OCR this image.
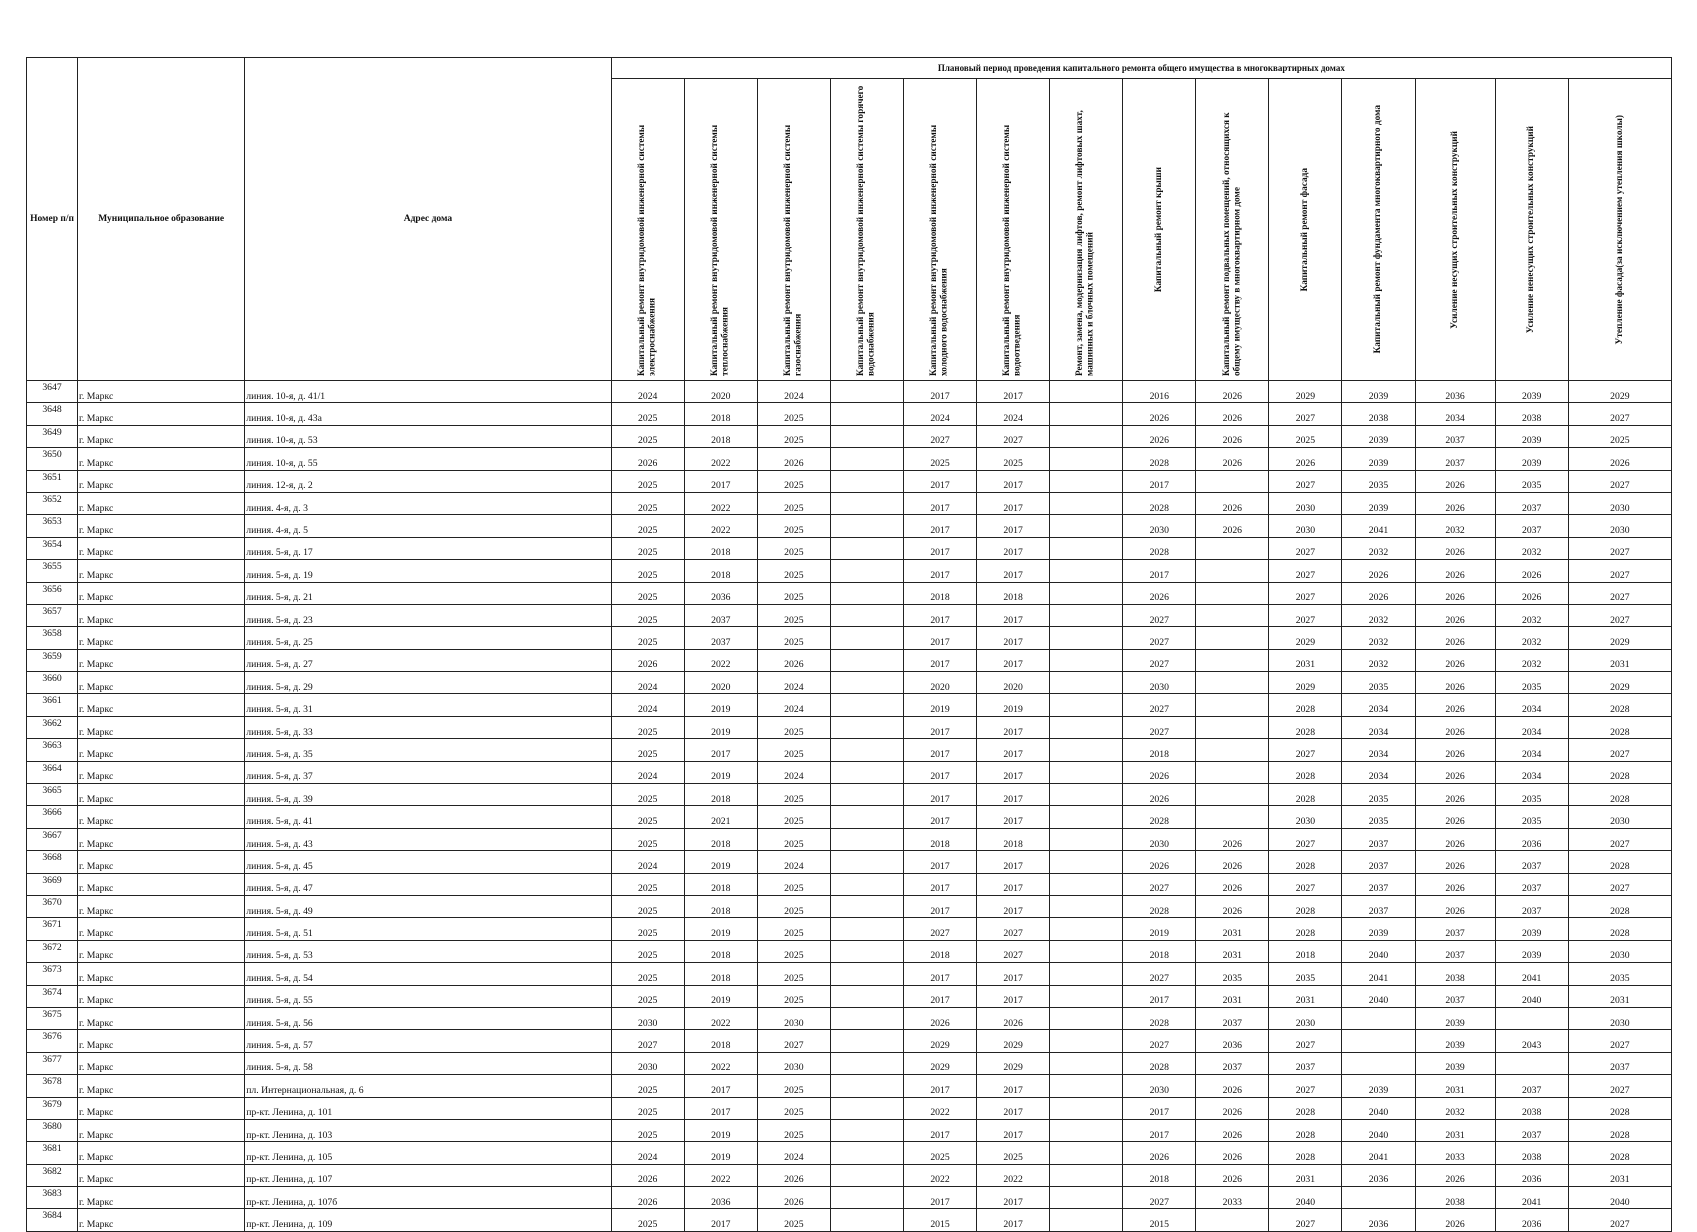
Номер п/п	Муниципальное образование	Адрес дома	Плановый период проведения капитального ремонта общего имущества в многоквартирных домах													

			Капитальный ремонт внутридомовой инженерной системы электроснабжения	Капитальный ремонт внутридомовой инженерной системы теплоснабжения	Капитальный ремонт внутридомовой инженерной системы газоснабжения	Капитальный ремонт внутридомовой инженерной системы горячего водоснабжения	Капитальный ремонт внутридомовой инженерной системы холодного водоснабжения	Капитальный ремонт внутридомовой инженерной системы водоотведения	Ремонт, замена, модернизация лифтов, ремонт лифтовых шахт, машинных и блочных помещений	Капитальный ремонт крыши	Капитальный ремонт подвальных помещений, относящихся к общему имуществу в многоквартирном доме	Капитальный ремонт фасада	Капитальный ремонт фундамента многоквартирного дома	Усиление несущих строительных конструкций	Усиление ненесущих строительных конструкций	Утепление фасада(за исключением утепления школы)

3647	г. Маркс	линия. 10-я, д. 41/1	2024	2020	2024		2017	2017		2016	2026	2029	2039	2036	2039	2029
3648	г. Маркс	линия. 10-я, д. 43а	2025	2018	2025		2024	2024		2026	2026	2027	2038	2034	2038	2027
3649	г. Маркс	линия. 10-я, д. 53	2025	2018	2025		2027	2027		2026	2026	2025	2039	2037	2039	2025
3650	г. Маркс	линия. 10-я, д. 55	2026	2022	2026		2025	2025		2028	2026	2026	2039	2037	2039	2026
3651	г. Маркс	линия. 12-я, д. 2	2025	2017	2025		2017	2017		2017		2027	2035	2026	2035	2027
3652	г. Маркс	линия. 4-я, д. 3	2025	2022	2025		2017	2017		2028	2026	2030	2039	2026	2037	2030
3653	г. Маркс	линия. 4-я, д. 5	2025	2022	2025		2017	2017		2030	2026	2030	2041	2032	2037	2030
3654	г. Маркс	линия. 5-я, д. 17	2025	2018	2025		2017	2017		2028		2027	2032	2026	2032	2027
3655	г. Маркс	линия. 5-я, д. 19	2025	2018	2025		2017	2017		2017		2027	2026	2026	2026	2027
3656	г. Маркс	линия. 5-я, д. 21	2025	2036	2025		2018	2018		2026		2027	2026	2026	2026	2027
3657	г. Маркс	линия. 5-я, д. 23	2025	2037	2025		2017	2017		2027		2027	2032	2026	2032	2027
3658	г. Маркс	линия. 5-я, д. 25	2025	2037	2025		2017	2017		2027		2029	2032	2026	2032	2029
3659	г. Маркс	линия. 5-я, д. 27	2026	2022	2026		2017	2017		2027		2031	2032	2026	2032	2031
3660	г. Маркс	линия. 5-я, д. 29	2024	2020	2024		2020	2020		2030		2029	2035	2026	2035	2029
3661	г. Маркс	линия. 5-я, д. 31	2024	2019	2024		2019	2019		2027		2028	2034	2026	2034	2028
3662	г. Маркс	линия. 5-я, д. 33	2025	2019	2025		2017	2017		2027		2028	2034	2026	2034	2028
3663	г. Маркс	линия. 5-я, д. 35	2025	2017	2025		2017	2017		2018		2027	2034	2026	2034	2027
3664	г. Маркс	линия. 5-я, д. 37	2024	2019	2024		2017	2017		2026		2028	2034	2026	2034	2028
3665	г. Маркс	линия. 5-я, д. 39	2025	2018	2025		2017	2017		2026		2028	2035	2026	2035	2028
3666	г. Маркс	линия. 5-я, д. 41	2025	2021	2025		2017	2017		2028		2030	2035	2026	2035	2030
3667	г. Маркс	линия. 5-я, д. 43	2025	2018	2025		2018	2018		2030	2026	2027	2037	2026	2036	2027
3668	г. Маркс	линия. 5-я, д. 45	2024	2019	2024		2017	2017		2026	2026	2028	2037	2026	2037	2028
3669	г. Маркс	линия. 5-я, д. 47	2025	2018	2025		2017	2017		2027	2026	2027	2037	2026	2037	2027
3670	г. Маркс	линия. 5-я, д. 49	2025	2018	2025		2017	2017		2028	2026	2028	2037	2026	2037	2028
3671	г. Маркс	линия. 5-я, д. 51	2025	2019	2025		2027	2027		2019	2031	2028	2039	2037	2039	2028
3672	г. Маркс	линия. 5-я, д. 53	2025	2018	2025		2018	2027		2018	2031	2018	2040	2037	2039	2030
3673	г. Маркс	линия. 5-я, д. 54	2025	2018	2025		2017	2017		2027	2035	2035	2041	2038	2041	2035
3674	г. Маркс	линия. 5-я, д. 55	2025	2019	2025		2017	2017		2017	2031	2031	2040	2037	2040	2031
3675	г. Маркс	линия. 5-я, д. 56	2030	2022	2030		2026	2026		2028	2037	2030		2039		2030
3676	г. Маркс	линия. 5-я, д. 57	2027	2018	2027		2029	2029		2027	2036	2027		2039	2043	2027
3677	г. Маркс	линия. 5-я, д. 58	2030	2022	2030		2029	2029		2028	2037	2037		2039		2037
3678	г. Маркс	пл. Интернациональная, д. 6	2025	2017	2025		2017	2017		2030	2026	2027	2039	2031	2037	2027
3679	г. Маркс	пр-кт. Ленина, д. 101	2025	2017	2025		2022	2017		2017	2026	2028	2040	2032	2038	2028
3680	г. Маркс	пр-кт. Ленина, д. 103	2025	2019	2025		2017	2017		2017	2026	2028	2040	2031	2037	2028
3681	г. Маркс	пр-кт. Ленина, д. 105	2024	2019	2024		2025	2025		2026	2026	2028	2041	2033	2038	2028
3682	г. Маркс	пр-кт. Ленина, д. 107	2026	2022	2026		2022	2022		2018	2026	2031	2036	2026	2036	2031
3683	г. Маркс	пр-кт. Ленина, д. 107б	2026	2036	2026		2017	2017		2027	2033	2040		2038	2041	2040
3684	г. Маркс	пр-кт. Ленина, д. 109	2025	2017	2025		2015	2017		2015		2027	2036	2026	2036	2027
